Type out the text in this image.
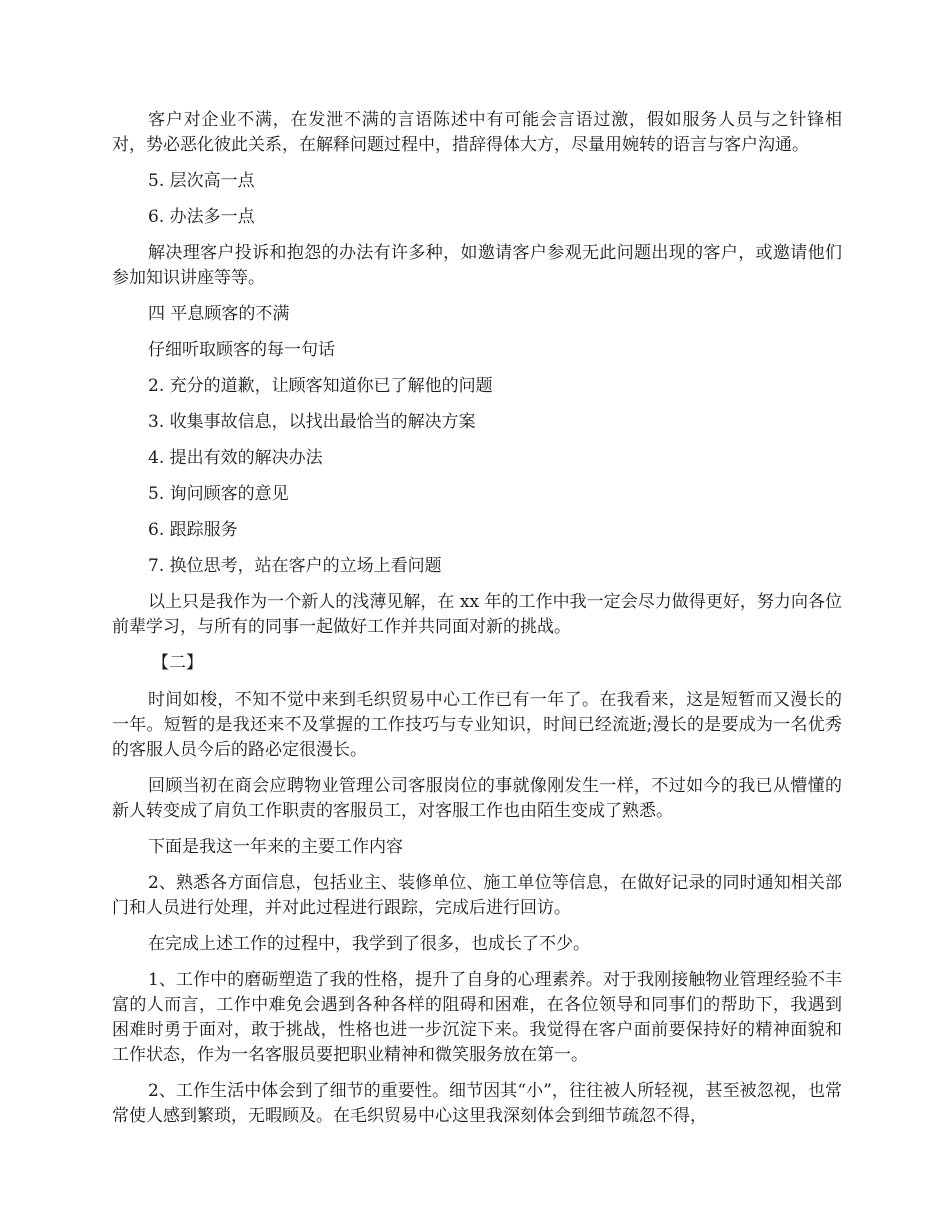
客户对企业不满，在发泄不满的言语陈述中有可能会言语过激，假如服务人员与之针锋相对，势必恶化彼此关系，在解释问题过程中，措辞得体大方，尽量用婉转的语言与客户沟通。

5. 层次高一点

6. 办法多一点

解决理客户投诉和抱怨的办法有许多种，如邀请客户参观无此问题出现的客户，或邀请他们参加知识讲座等等。

四 平息顾客的不满

仔细听取顾客的每一句话

2. 充分的道歉，让顾客知道你已了解他的问题

3. 收集事故信息，以找出最恰当的解决方案

4. 提出有效的解决办法

5. 询问顾客的意见

6. 跟踪服务

7. 换位思考，站在客户的立场上看问题

以上只是我作为一个新人的浅薄见解，在 xx 年的工作中我一定会尽力做得更好，努力向各位前辈学习，与所有的同事一起做好工作并共同面对新的挑战。

【二】

时间如梭，不知不觉中来到毛织贸易中心工作已有一年了。在我看来，这是短暂而又漫长的一年。短暂的是我还来不及掌握的工作技巧与专业知识，时间已经流逝;漫长的是要成为一名优秀的客服人员今后的路必定很漫长。

回顾当初在商会应聘物业管理公司客服岗位的事就像刚发生一样，不过如今的我已从懵懂的新人转变成了肩负工作职责的客服员工，对客服工作也由陌生变成了熟悉。

下面是我这一年来的主要工作内容

2、熟悉各方面信息，包括业主、装修单位、施工单位等信息，在做好记录的同时通知相关部门和人员进行处理，并对此过程进行跟踪，完成后进行回访。

在完成上述工作的过程中，我学到了很多，也成长了不少。

1、工作中的磨砺塑造了我的性格，提升了自身的心理素养。对于我刚接触物业管理经验不丰富的人而言，工作中难免会遇到各种各样的阻碍和困难，在各位领导和同事们的帮助下，我遇到困难时勇于面对，敢于挑战，性格也进一步沉淀下来。我觉得在客户面前要保持好的精神面貌和工作状态，作为一名客服员要把职业精神和微笑服务放在第一。

2、工作生活中体会到了细节的重要性。细节因其“小”，往往被人所轻视，甚至被忽视，也常常使人感到繁琐，无暇顾及。在毛织贸易中心这里我深刻体会到细节疏忽不得，
